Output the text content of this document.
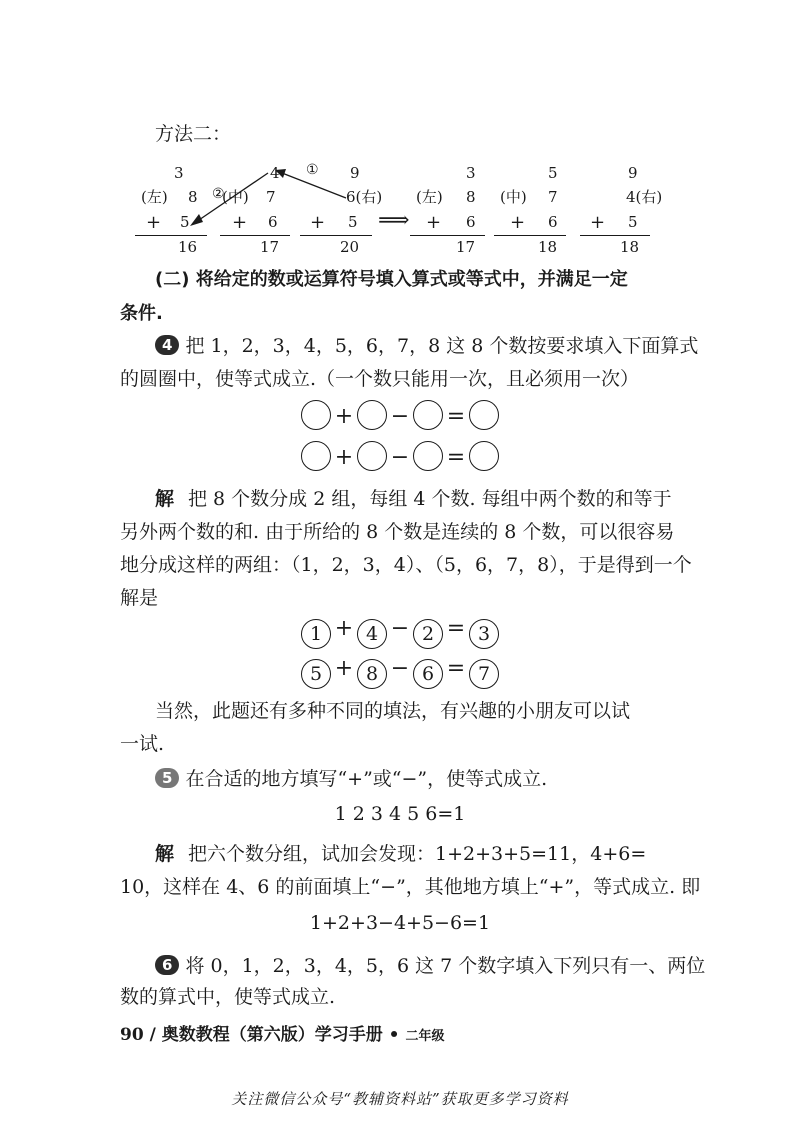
方法二：
3
(左) 8
+ 5
16
②
4
(中) 7
+ 6
17
① 9
6(右)
+ 5
20
⟹
3
(左) 8
+ 6
17
5
(中) 7
+ 6
18
9
4(右)
+ 5
18
(二) 将给定的数或运算符号填入算式或等式中，并满足一定
条件.
4 把 1，2，3，4，5，6，7，8 这 8 个数按要求填入下面算式
的圆圈中，使等式成立.（一个数只能用一次，且必须用一次）
+ − =
+ − =
解 把 8 个数分成 2 组，每组 4 个数. 每组中两个数的和等于
另外两个数的和. 由于所给的 8 个数是连续的 8 个数，可以很容易
地分成这样的两组：（1，2，3，4）、（5，6，7，8），于是得到一个
解是
1 + 4 − 2 = 3
5 + 8 − 6 = 7
当然，此题还有多种不同的填法，有兴趣的小朋友可以试
一试.
5 在合适的地方填写“+”或“−”，使等式成立.
1 2 3 4 5 6=1
解 把六个数分组，试加会发现：1+2+3+5=11，4+6=
10，这样在 4、6 的前面填上“−”，其他地方填上“+”，等式成立. 即
1+2+3−4+5−6=1
6 将 0，1，2，3，4，5，6 这 7 个数字填入下列只有一、两位
数的算式中，使等式成立.
90 / 奥数教程（第六版）学习手册 • 二年级
关注微信公众号“教辅资料站”获取更多学习资料
